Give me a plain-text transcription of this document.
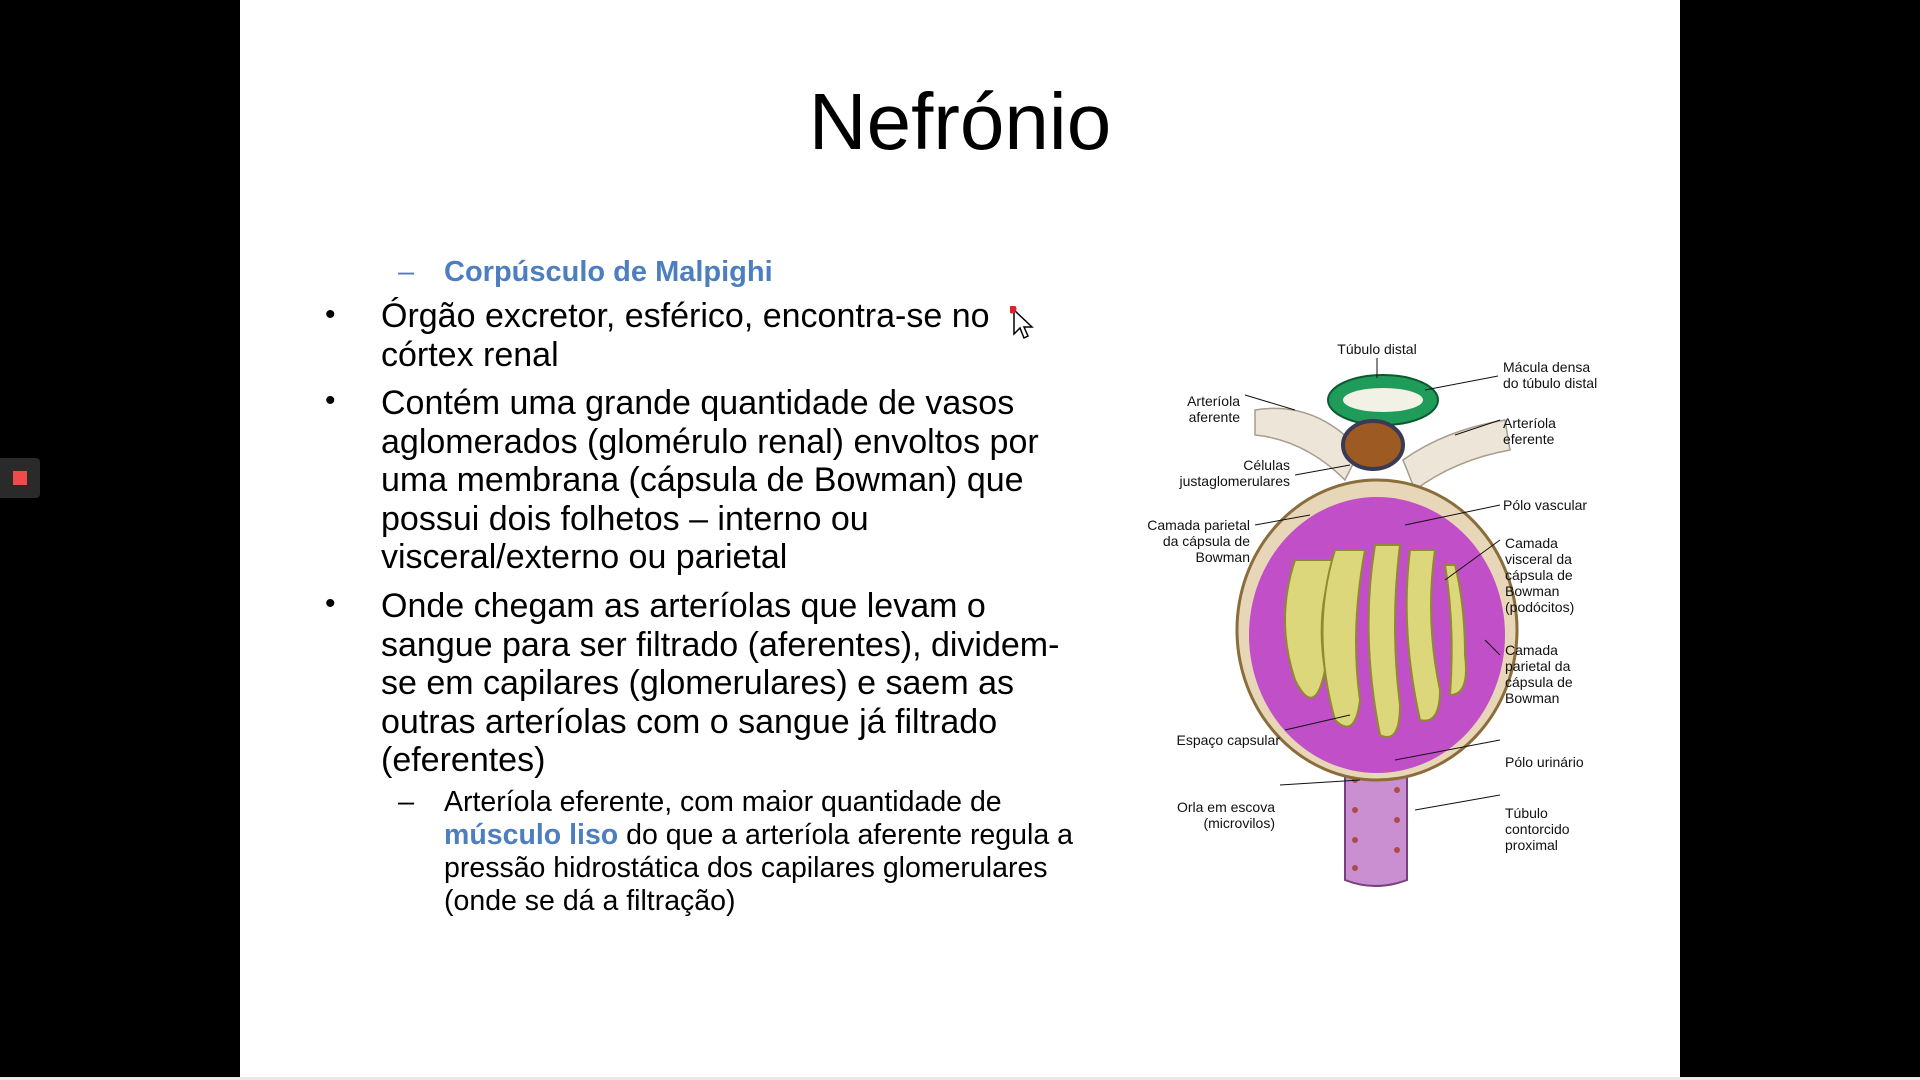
Nefrónio
– Corpúsculo de Malpighi
• Órgão excretor, esférico, encontra-se no
córtex renal
• Contém uma grande quantidade de vasos
aglomerados (glomérulo renal) envoltos por
uma membrana (cápsula de Bowman) que
possui dois folhetos – interno ou
visceral/externo ou parietal
• Onde chegam as arteríolas que levam o
sangue para ser filtrado (aferentes), dividem-
se em capilares (glomerulares) e saem as
outras arteríolas com o sangue já filtrado
(eferentes)
– Arteríola eferente, com maior quantidade de
músculo liso do que a arteríola aferente regula a
pressão hidrostática dos capilares glomerulares
(onde se dá a filtração)
Túbulo distal
Mácula densa
do túbulo distal
Arteríola
aferente	Arteríola
eferente
Células
justaglomerulares
Pólo vascular
Camada parietal
da cápsula de
Bowman
Camada
visceral da
cápsula de
Bowman
(podócitos)
Camada
parietal da
cápsula de
Bowman
Espaço capsular
Pólo urinário
Orla em escova
(microvilos)
Túbulo
contorcido
proximal
